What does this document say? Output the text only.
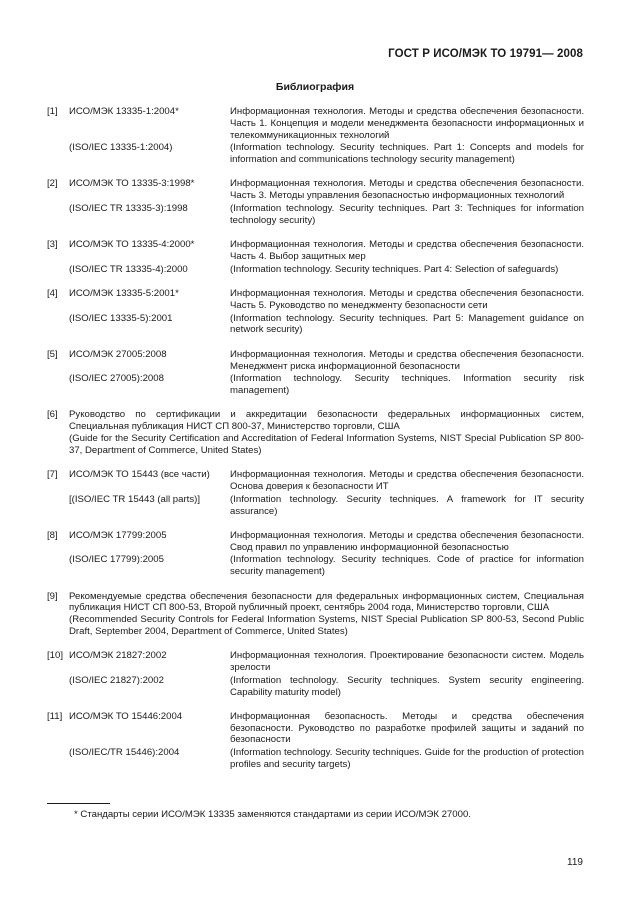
ГОСТ Р ИСО/МЭК ТО 19791— 2008
Библиография
[1]	ИСО/МЭК 13335-1:2004*	Информационная технология. Методы и средства обеспечения безопасности. Часть 1. Концепция и модели менеджмента безопасности информационных и телекоммуникационных технологий
(ISO/IEC 13335-1:2004)	(Information technology. Security techniques. Part 1: Concepts and models for information and communications technology security management)
[2]	ИСО/МЭК ТО 13335-3:1998*	Информационная технология. Методы и средства обеспечения безопасности. Часть 3. Методы управления безопасностью информационных технологий
(ISO/IEC TR 13335-3):1998	(Information technology. Security techniques. Part 3: Techniques for information technology security)
[3]	ИСО/МЭК ТО 13335-4:2000*	Информационная технология. Методы и средства обеспечения безопасности. Часть 4. Выбор защитных мер
(ISO/IEC TR 13335-4):2000	(Information technology. Security techniques. Part 4: Selection of safeguards)
[4]	ИСО/МЭК 13335-5:2001*	Информационная технология. Методы и средства обеспечения безопасности. Часть 5. Руководство по менеджменту безопасности сети
(ISO/IEC 13335-5):2001	(Information technology. Security techniques. Part 5: Management guidance on network security)
[5]	ИСО/МЭК 27005:2008	Информационная технология. Методы и средства обеспечения безопасности. Менеджмент риска информационной безопасности
(ISO/IEC 27005):2008	(Information technology. Security techniques. Information security risk management)
[6]	Руководство по сертификации и аккредитации безопасности федеральных информационных систем, Специальная публикация НИСТ СП 800-37, Министерство торговли, США
(Guide for the Security Certification and Accreditation of Federal Information Systems, NIST Special Publication SP 800-37, Department of Commerce, United States)
[7]	ИСО/МЭК ТО 15443 (все части)	Информационная технология. Методы и средства обеспечения безопасности. Основа доверия к безопасности ИТ
[(ISO/IEC TR 15443 (all parts)]	(Information technology. Security techniques. A framework for IT security assurance)
[8]	ИСО/МЭК 17799:2005	Информационная технология. Методы и средства обеспечения безопасности. Свод правил по управлению информационной безопасностью
(ISO/IEC 17799):2005	(Information technology. Security techniques. Code of practice for information security management)
[9]	Рекомендуемые средства обеспечения безопасности для федеральных информационных систем, Специальная публикация НИСТ СП 800-53, Второй публичный проект, сентябрь 2004 года, Министерство торговли, США
(Recommended Security Controls for Federal Information Systems, NIST Special Publication SP 800-53, Second Public Draft, September 2004, Department of Commerce, United States)
[10] ИСО/МЭК 21827:2002	Информационная технология. Проектирование безопасности систем. Модель зрелости
(ISO/IEC 21827):2002	(Information technology. Security techniques. System security engineering. Capability maturity model)
[11] ИСО/МЭК ТО 15446:2004	Информационная безопасность. Методы и средства обеспечения безопасности. Руководство по разработке профилей защиты и заданий по безопасности
(ISO/IEC/TR 15446):2004	(Information technology. Security techniques. Guide for the production of protection profiles and security targets)
* Стандарты серии ИСО/МЭК 13335 заменяются стандартами из серии ИСО/МЭК 27000.
119
